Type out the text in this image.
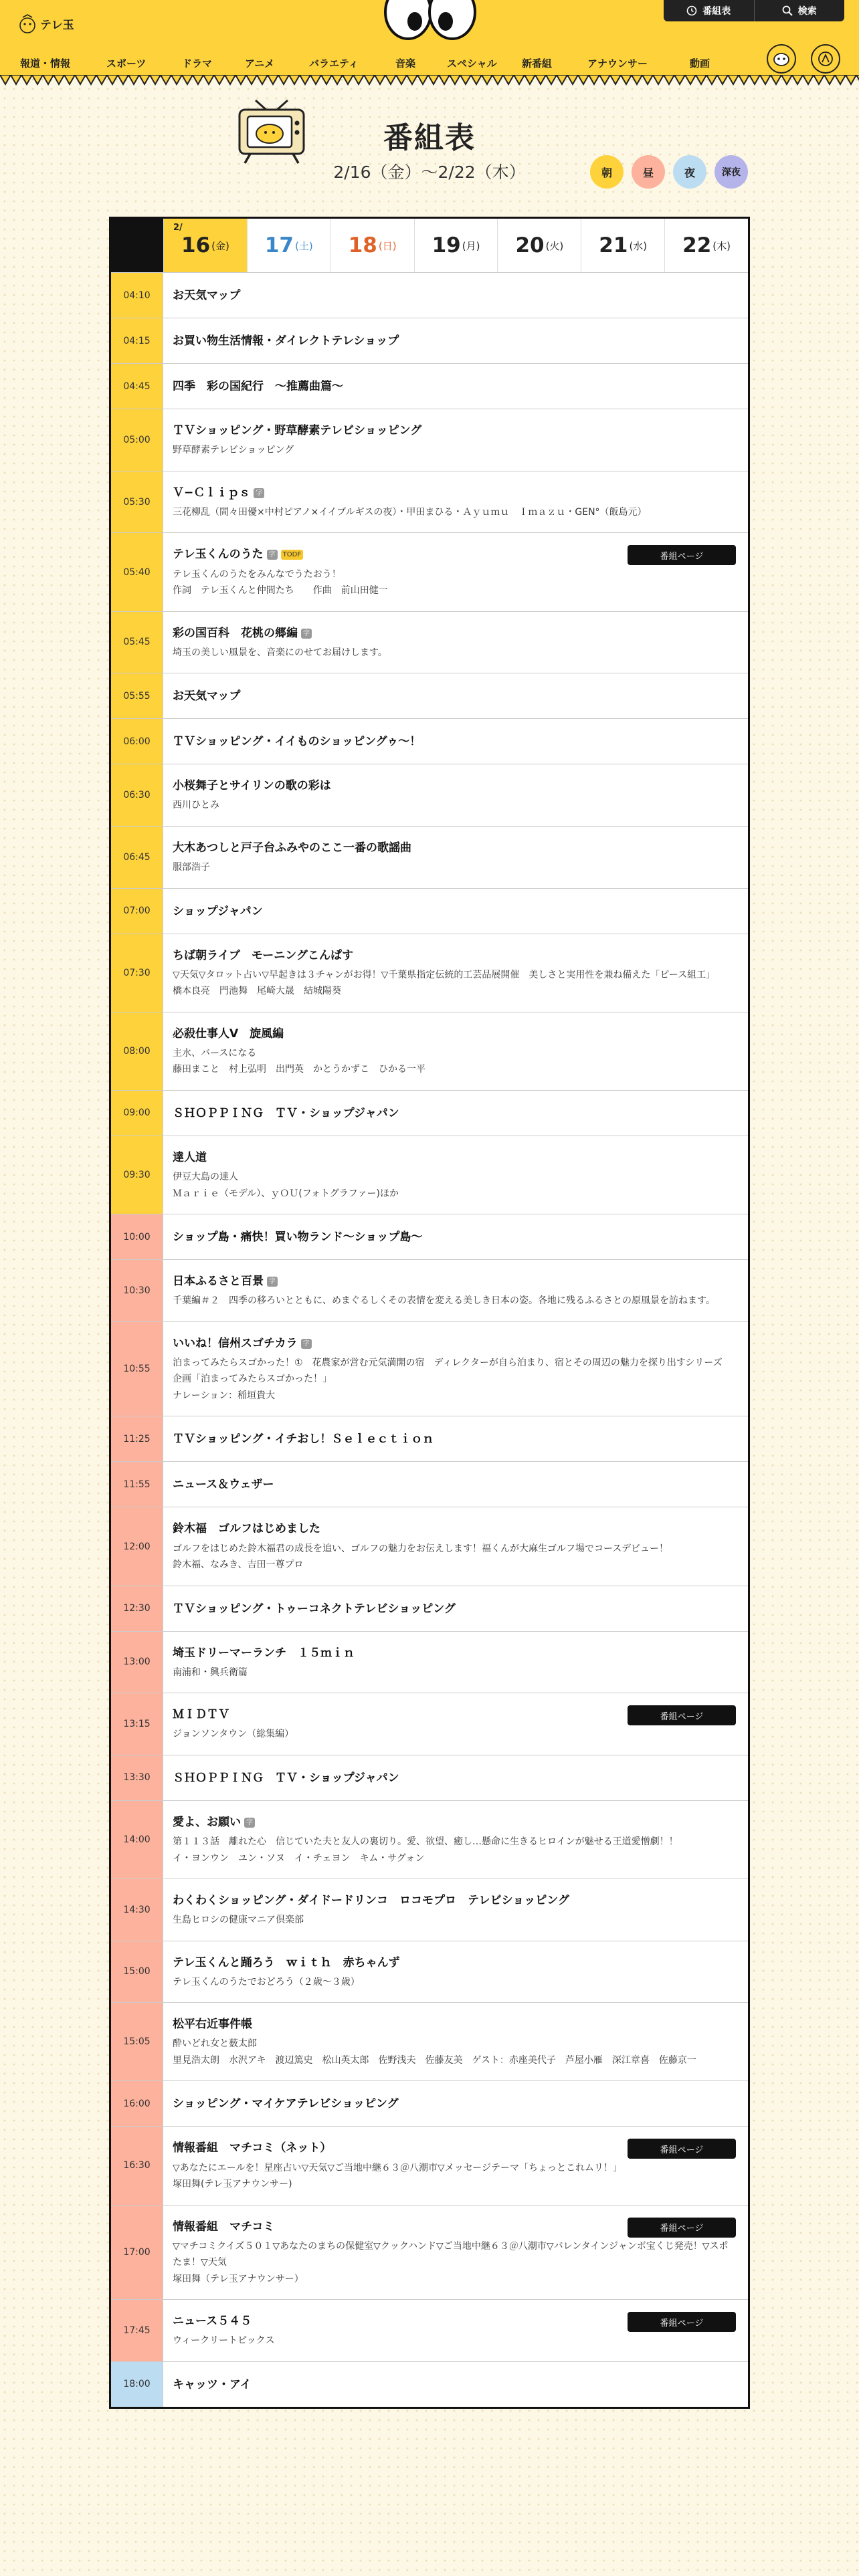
テレ玉
番組表	検索
報道・情報	スポーツ	ドラマ	アニメ	バラエティ	音楽	スペシャル	新番組	アナウンサー	動画
番組表
2/16（金）〜2/22（木）	朝	昼	夜	深夜
2/
16 (金) 17 (土) 18 (日) 19 (月) 20 (火) 21 (水) 22 (木)
04:10	お天気マップ
04:15	お買い物生活情報・ダイレクトテレショップ
04:45	四季　彩の国紀行　〜推薦曲篇〜
05:00
ＴＶショッピング・野草酵素テレビショッピング
野草酵素テレビショッピング
05:30
Ｖ−Ｃｌｉｐｓ 字
三花柳乱（間々田優×中村ピアノ×イイブルギスの夜）・甲田まひる・Ａｙｕｍｕ　Ｉｍａｚｕ・GEN°（飯島元）
05:40
テレ玉くんのうた 字 TODF
テレ玉くんのうたをみんなでうたおう！
作詞　テレ玉くんと仲間たち　　作曲　前山田健一
番組ページ
05:45
彩の国百科　花桃の郷編 字
埼玉の美しい風景を、音楽にのせてお届けします。
05:55	お天気マップ
06:00	ＴＶショッピング・イイものショッピングゥ〜！
06:30
小桜舞子とサイリンの歌の彩は
西川ひとみ
06:45
大木あつしと戸子台ふみやのここ一番の歌謡曲
服部浩子
07:00	ショップジャパン
07:30
ちば朝ライブ　モーニングこんぱす
▽天気▽タロット占い▽早起きは３チャンがお得！▽千葉県指定伝統的工芸品展開催　美しさと実用性を兼ね備えた「ピース組工」
橋本良亮　門池舞　尾崎大晟　結城陽葵
08:00
必殺仕事人Ⅴ　旋風編
主水、バースになる
藤田まこと　村上弘明　出門英　かとうかずこ　ひかる一平
09:00	ＳＨＯＰＰＩＮＧ　ＴＶ・ショップジャパン
09:30
達人道
伊豆大島の達人
Ｍａｒｉｅ（モデル）、ｙＯＵ(フォトグラファー)ほか
10:00	ショップ島・痛快！買い物ランド〜ショップ島〜
10:30
日本ふるさと百景 字
千葉編＃２　四季の移ろいとともに、めまぐるしくその表情を変える美しき日本の姿。各地に残るふるさとの原風景を訪ねます。
10:55
いいね！信州スゴチカラ 字
泊まってみたらスゴかった！①　花農家が営む元気満開の宿　ディレクターが自ら泊まり、宿とその周辺の魅力を探り出すシリーズ企画「泊まってみたらスゴかった！」
ナレーション：稲垣貴大
11:25	ＴＶショッピング・イチおし！Ｓｅｌｅｃｔｉｏｎ
11:55	ニュース＆ウェザー
12:00
鈴木福　ゴルフはじめました
ゴルフをはじめた鈴木福君の成長を追い、ゴルフの魅力をお伝えします！福くんが大麻生ゴルフ場でコースデビュー！
鈴木福、なみき、吉田一尊プロ
12:30	ＴＶショッピング・トゥーコネクトテレビショッピング
13:00
埼玉ドリーマーランチ　１５ｍｉｎ
南浦和・興兵衛篇
13:15
ＭＩＤＴＶ
ジョンソンタウン（総集編）
番組ページ
13:30	ＳＨＯＰＰＩＮＧ　ＴＶ・ショップジャパン
14:00
愛よ、お願い 字
第１１３話　離れた心　信じていた夫と友人の裏切り。愛、欲望、癒し…懸命に生きるヒロインが魅せる王道愛憎劇！！
イ・ヨンウン　ユン・ソヌ　イ・チェヨン　キム・サグォン
14:30
わくわくショッピング・ダイドードリンコ　ロコモプロ　テレビショッピング
生島ヒロシの健康マニア倶楽部
15:00
テレ玉くんと踊ろう　ｗｉｔｈ　赤ちゃんず
テレ玉くんのうたでおどろう（２歳〜３歳）
15:05
松平右近事件帳
酔いどれ女と薮太郎
里見浩太朗　水沢アキ　渡辺篤史　松山英太郎　佐野浅夫　佐藤友美　ゲスト：赤座美代子　芦屋小雁　深江章喜　佐藤京一
16:00	ショッピング・マイケアテレビショッピング
16:30
情報番組　マチコミ（ネット）
▽あなたにエールを！星座占い▽天気▽ご当地中継６３＠八潮市▽メッセージテーマ「ちょっとこれムリ！」
塚田舞(テレ玉アナウンサー)
番組ページ
17:00
情報番組　マチコミ
▽マチコミクイズ５０１▽あなたのまちの保健室▽クックハンド▽ご当地中継６３＠八潮市▽バレンタインジャンボ宝くじ発売！▽スポたま！▽天気
塚田舞（テレ玉アナウンサー）
番組ページ
17:45
ニュース５４５
ウィークリートピックス
番組ページ
18:00	キャッツ・アイ
